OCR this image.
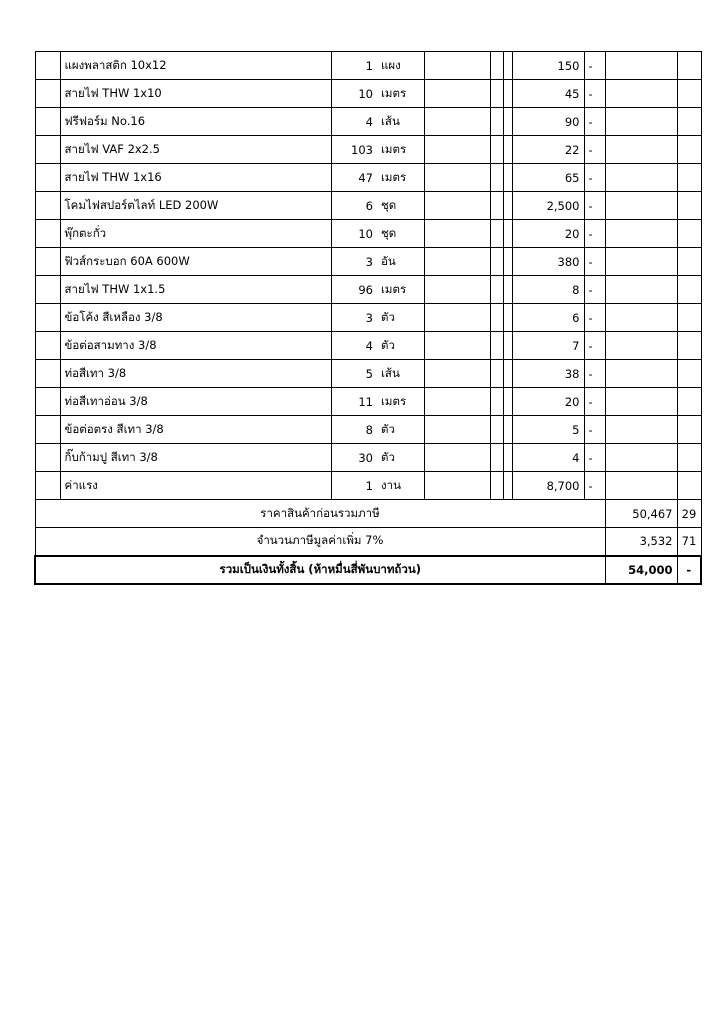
	แผงพลาสติก 10x12	1	แผง				150	-		
	สายไฟ THW 1x10	10	เมตร				45	-		
	ฟรีฟอร์ม No.16	4	เส้น				90	-		
	สายไฟ VAF 2x2.5	103	เมตร				22	-		
	สายไฟ THW 1x16	47	เมตร				65	-		
	โคมไฟสปอร์ตไลท์ LED 200W	6	ชุด				2,500	-		
	พุ๊กตะกั่ว	10	ชุด				20	-		
	ฟิวส์กระบอก 60A 600W	3	อัน				380	-		
	สายไฟ THW 1x1.5	96	เมตร				8	-		
	ข้อโค้ง สีเหลือง 3/8	3	ตัว				6	-		
	ข้อต่อสามทาง 3/8	4	ตัว				7	-		
	ท่อสีเทา 3/8	5	เส้น				38	-		
	ท่อสีเทาอ่อน 3/8	11	เมตร				20	-		
	ข้อต่อตรง สีเทา 3/8	8	ตัว				5	-		
	กิ๊บก้ามปู สีเทา 3/8	30	ตัว				4	-		
	ค่าแรง	1	งาน				8,700	-		
ราคาสินค้าก่อนรวมภาษี									50,467	29
จำนวนภาษีมูลค่าเพิ่ม 7%									3,532	71
รวมเป็นเงินทั้งสิ้น (ห้าหมื่นสี่พันบาทถ้วน)									54,000	-
